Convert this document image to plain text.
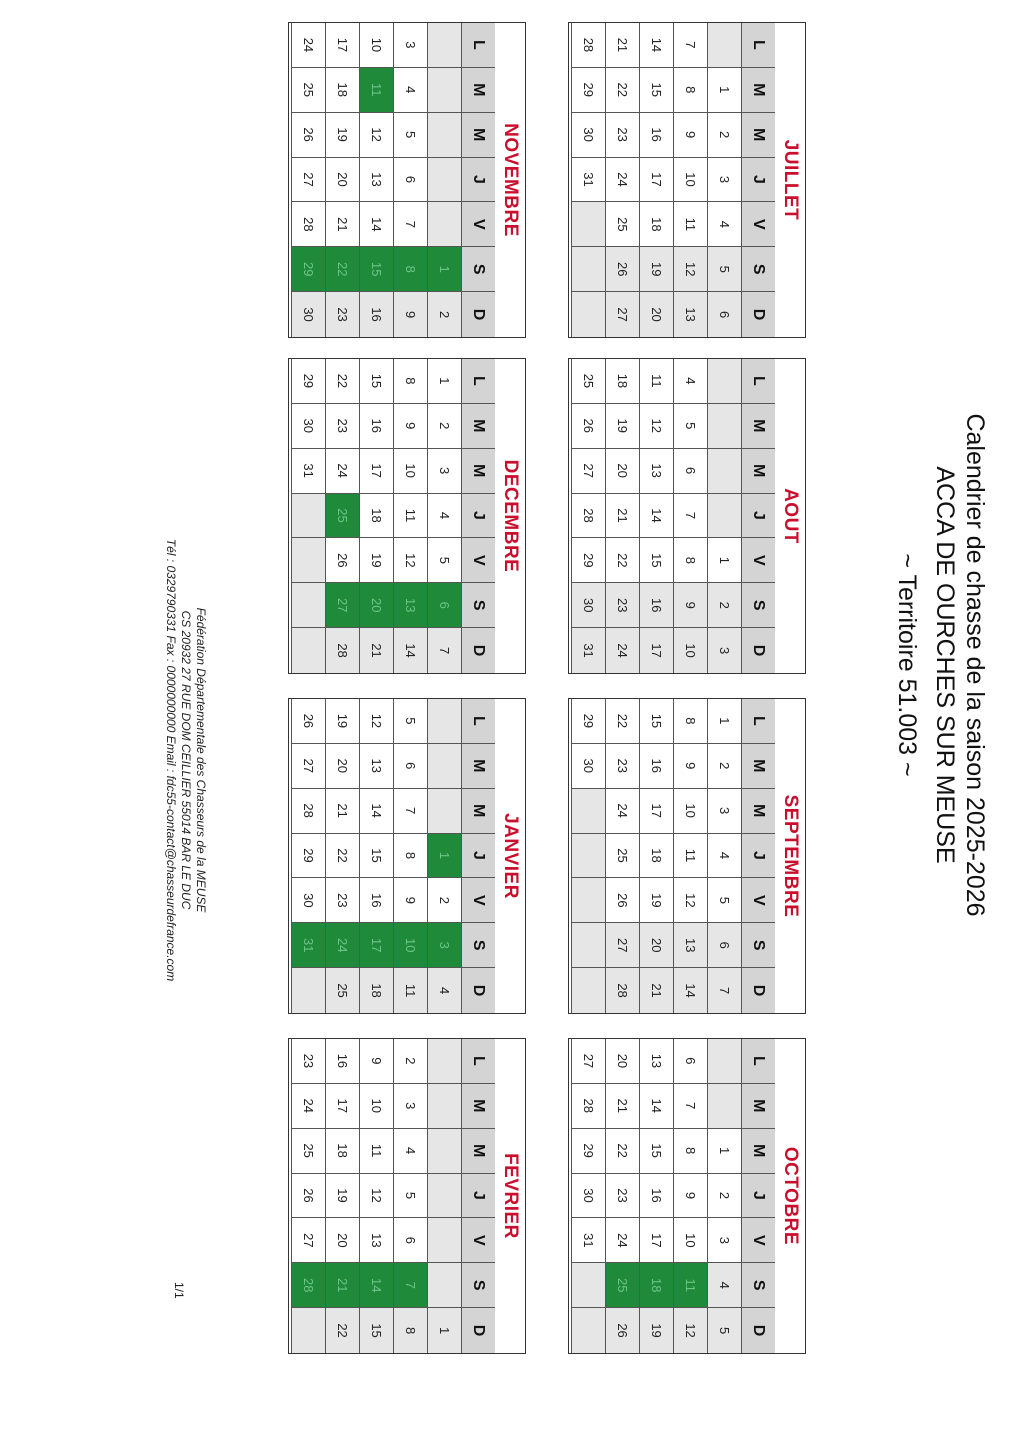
Calendrier de chasse de la saison 2025-2026
ACCA DE OURCHES SUR MEUSE
~ Territoire 51.003 ~
JUILLET
L
M
M
J
V
S
D
1
2
3
4
5
6
7
8
9
10
11
12
13
14
15
16
17
18
19
20
21
22
23
24
25
26
27
28
29
30
31
AOUT
L
M
M
J
V
S
D
1
2
3
4
5
6
7
8
9
10
11
12
13
14
15
16
17
18
19
20
21
22
23
24
25
26
27
28
29
30
31
SEPTEMBRE
L
M
M
J
V
S
D
1
2
3
4
5
6
7
8
9
10
11
12
13
14
15
16
17
18
19
20
21
22
23
24
25
26
27
28
29
30
OCTOBRE
L
M
M
J
V
S
D
1
2
3
4
5
6
7
8
9
10
11
12
13
14
15
16
17
18
19
20
21
22
23
24
25
26
27
28
29
30
31
NOVEMBRE
L
M
M
J
V
S
D
1
2
3
4
5
6
7
8
9
10
11
12
13
14
15
16
17
18
19
20
21
22
23
24
25
26
27
28
29
30
DECEMBRE
L
M
M
J
V
S
D
1
2
3
4
5
6
7
8
9
10
11
12
13
14
15
16
17
18
19
20
21
22
23
24
25
26
27
28
29
30
31
JANVIER
L
M
M
J
V
S
D
1
2
3
4
5
6
7
8
9
10
11
12
13
14
15
16
17
18
19
20
21
22
23
24
25
26
27
28
29
30
31
FEVRIER
L
M
M
J
V
S
D
1
2
3
4
5
6
7
8
9
10
11
12
13
14
15
16
17
18
19
20
21
22
23
24
25
26
27
28
Fédération Départementale des Chasseurs de la MEUSE
CS 20932 27 RUE DOM CEILLIER 55014 BAR LE DUC
Tél : 0329790331 Fax : 0000000000 Email : fdc55-contact@chasseurdefrance.com
1/1
